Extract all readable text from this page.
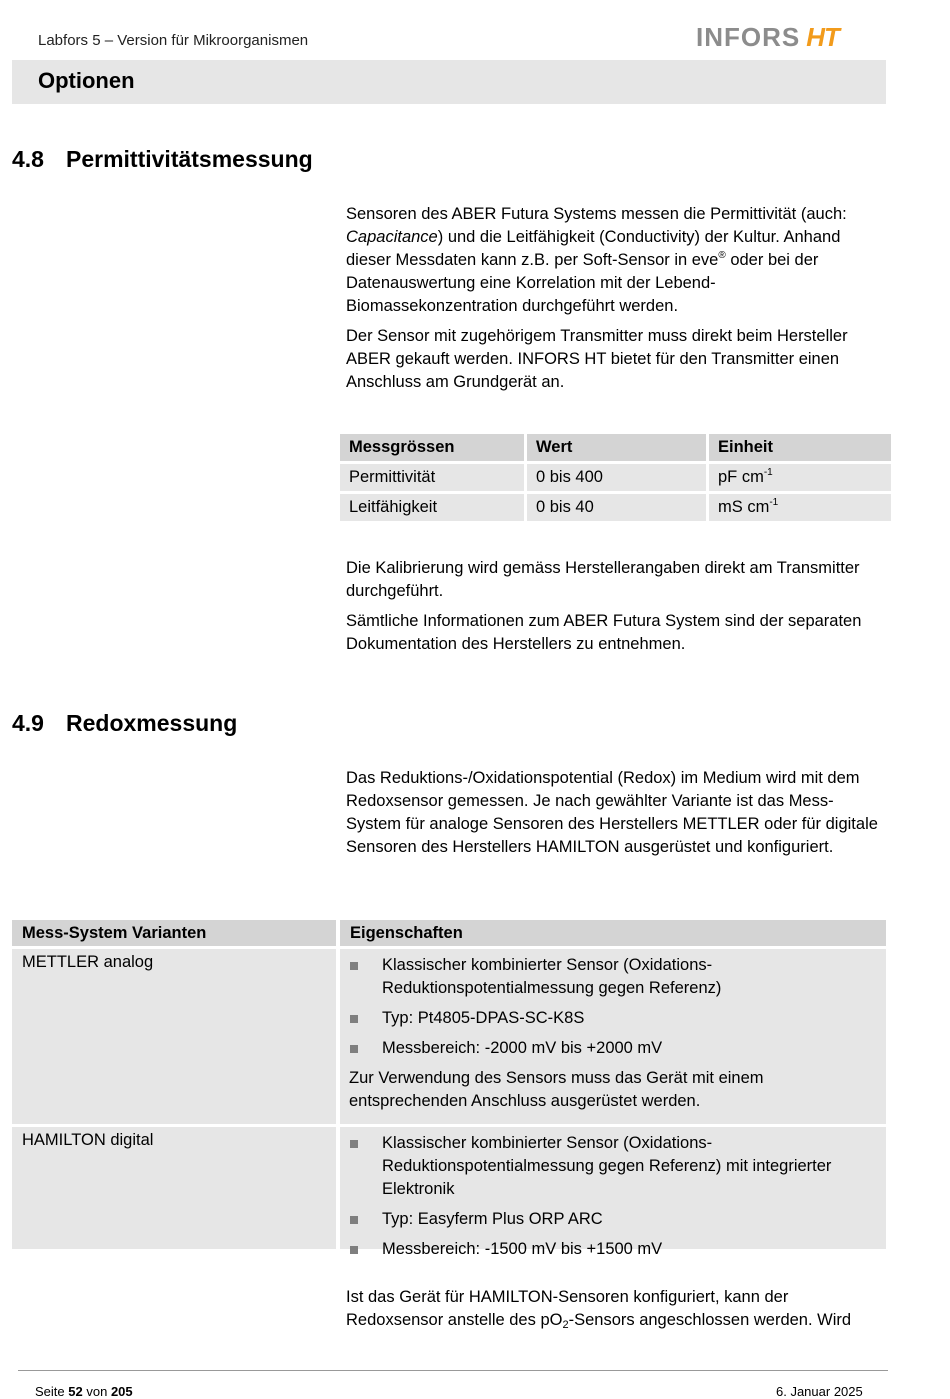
Labfors 5 – Version für Mikroorganismen	INFORS HT
Optionen
4.8 Permittivitätsmessung

Sensoren des ABER Futura Systems messen die Permittivität (auch: Capacitance) und die Leitfähigkeit (Conductivity) der Kultur. Anhand dieser Messdaten kann z.B. per Soft-Sensor in eve® oder bei der Datenauswertung eine Korrelation mit der Lebend-Biomassekonzentration durchgeführt werden.

Der Sensor mit zugehörigem Transmitter muss direkt beim Hersteller ABER gekauft werden. INFORS HT bietet für den Transmitter einen Anschluss am Grundgerät an.

Messgrössen	Wert	Einheit
Permittivität	0 bis 400	pF $cm^{-1}$
Leitfähigkeit	0 bis 40	mS $cm^{-1}$

Die Kalibrierung wird gemäss Herstellerangaben direkt am Transmitter durchgeführt.

Sämtliche Informationen zum ABER Futura System sind der separaten Dokumentation des Herstellers zu entnehmen.

4.9 Redoxmessung

Das Reduktions-/Oxidationspotential (Redox) im Medium wird mit dem Redoxsensor gemessen. Je nach gewählter Variante ist das Mess-System für analoge Sensoren des Herstellers METTLER oder für digitale Sensoren des Herstellers HAMILTON ausgerüstet und konfiguriert.

Mess-System Varianten	Eigenschaften
METTLER analog	Klassischer kombinierter Sensor (Oxidations-Reduktionspotentialmessung gegen Referenz)
Typ: Pt4805-DPAS-SC-K8S
Messbereich: -2000 mV bis +2000 mV

Zur Verwendung des Sensors muss das Gerät mit einem entsprechenden Anschluss ausgerüstet werden.

HAMILTON digital	Klassischer kombinierter Sensor (Oxidations-Reduktionspotentialmessung gegen Referenz) mit integrierter Elektronik
Typ: Easyferm Plus ORP ARC
Messbereich: -1500 mV bis +1500 mV

Ist das Gerät für HAMILTON-Sensoren konfiguriert, kann der Redoxsensor anstelle des $pO_2$-Sensors angeschlossen werden. Wird

Seite 52 von 205	6. Januar 2025
